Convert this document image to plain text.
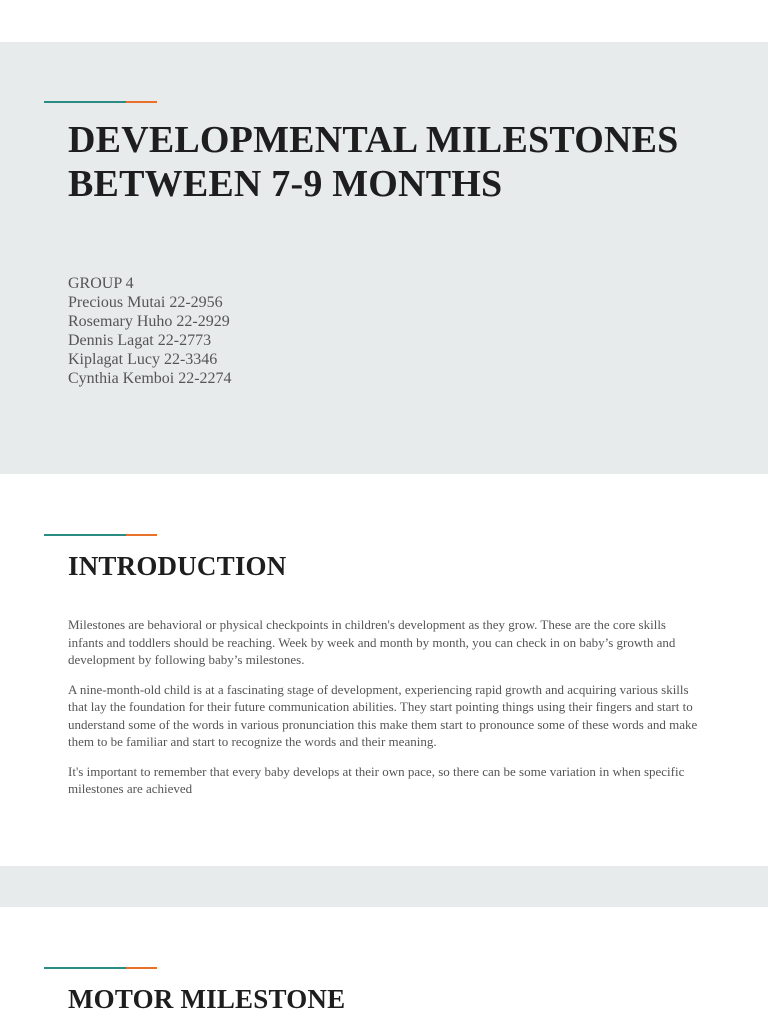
DEVELOPMENTAL MILESTONES
BETWEEN 7-9 MONTHS
GROUP 4
Precious Mutai 22-2956
Rosemary Huho 22-2929
Dennis Lagat 22-2773
Kiplagat Lucy 22-3346
Cynthia Kemboi 22-2274
INTRODUCTION

Milestones are behavioral or physical checkpoints in children's development as they grow. These are the core skills infants and toddlers should be reaching. Week by week and month by month, you can check in on baby’s growth and development by following baby’s milestones.

A nine-month-old child is at a fascinating stage of development, experiencing rapid growth and acquiring various skills that lay the foundation for their future communication abilities. They start pointing things using their fingers and start to understand some of the words in various pronunciation this make them start to pronounce some of these words and make them to be familiar and start to recognize the words and their meaning.

It's important to remember that every baby develops at their own pace, so there can be some variation in when specific milestones are achieved

MOTOR MILESTONE
